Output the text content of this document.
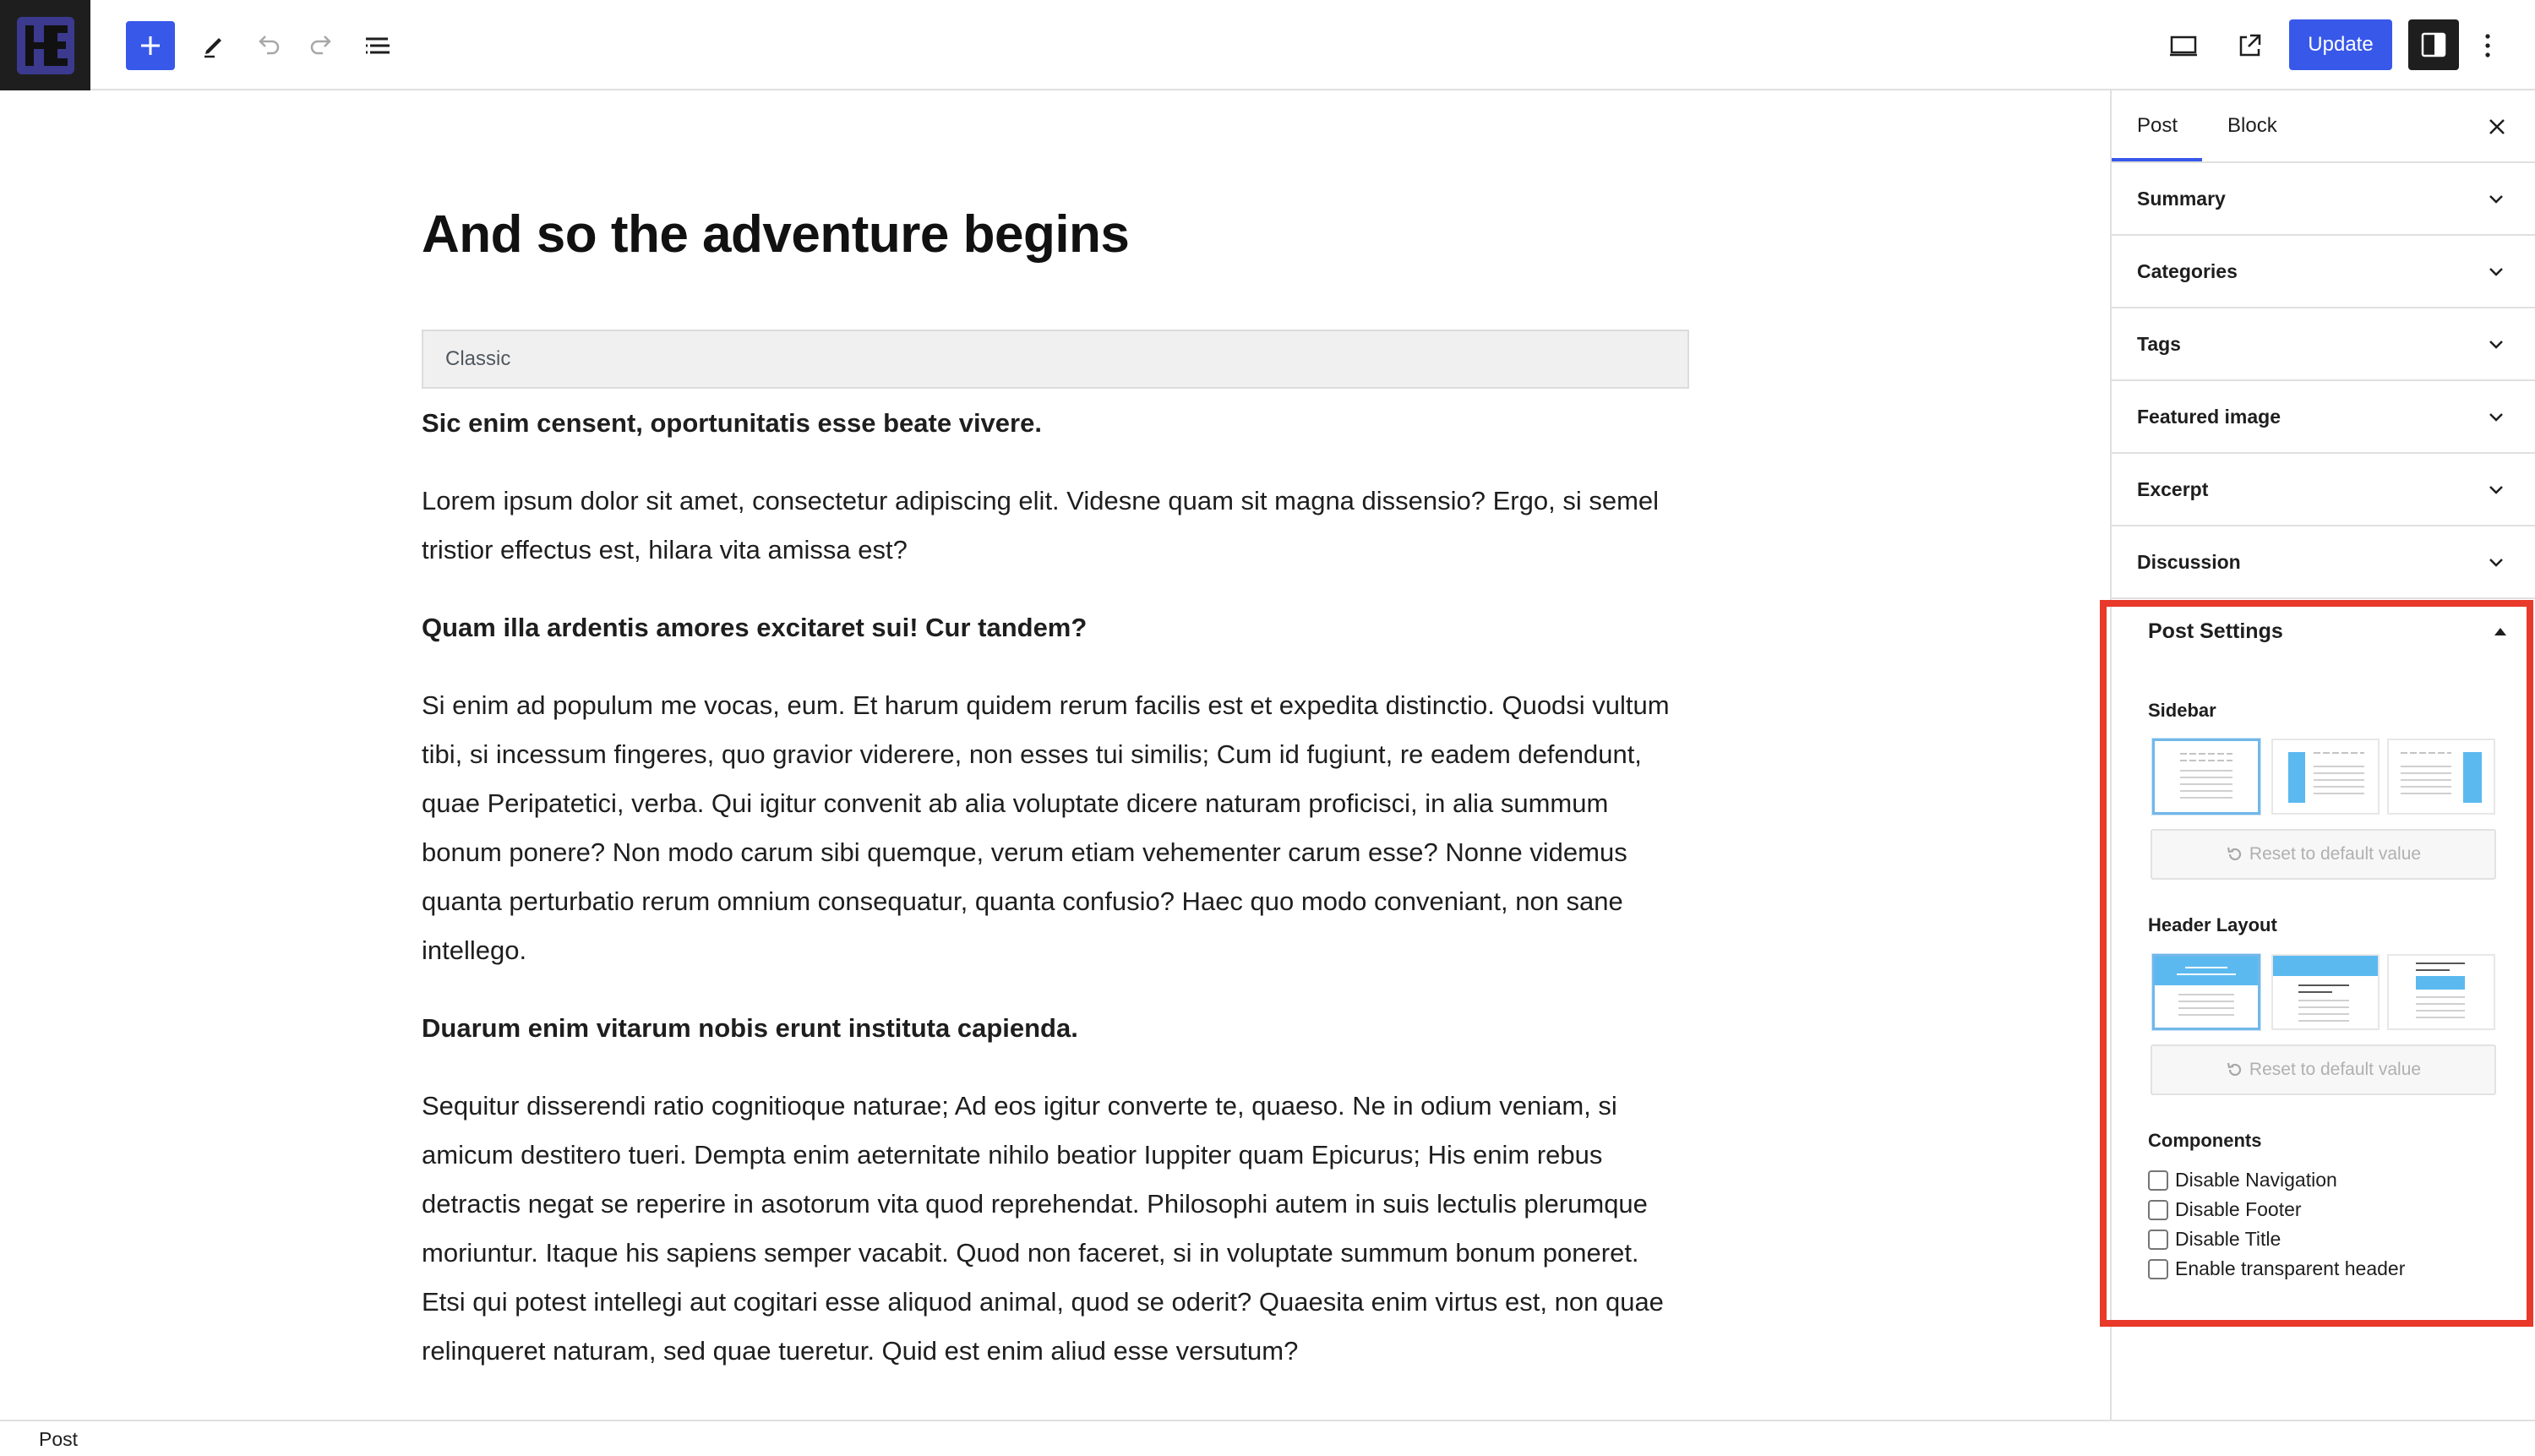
Update
And so the adventure begins
Classic

Sic enim censent, oportunitatis esse beate vivere.

Lorem ipsum dolor sit amet, consectetur adipiscing elit. Videsne quam sit magna dissensio? Ergo, si semel tristior effectus est, hilara vita amissa est?

Quam illa ardentis amores excitaret sui! Cur tandem?

Si enim ad populum me vocas, eum. Et harum quidem rerum facilis est et expedita distinctio. Quodsi vultum tibi, si incessum fingeres, quo gravior viderere, non esses tui similis; Cum id fugiunt, re eadem defendunt, quae Peripatetici, verba. Qui igitur convenit ab alia voluptate dicere naturam proficisci, in alia summum bonum ponere? Non modo carum sibi quemque, verum etiam vehementer carum esse? Nonne videmus quanta perturbatio rerum omnium consequatur, quanta confusio? Haec quo modo conveniant, non sane intellego.

Duarum enim vitarum nobis erunt instituta capienda.

Sequitur disserendi ratio cognitioque naturae; Ad eos igitur converte te, quaeso. Ne in odium veniam, si amicum destitero tueri. Dempta enim aeternitate nihilo beatior Iuppiter quam Epicurus; His enim rebus detractis negat se reperire in asotorum vita quod reprehendat. Philosophi autem in suis lectulis plerumque moriuntur. Itaque his sapiens semper vacabit. Quod non faceret, si in voluptate summum bonum poneret. Etsi qui potest intellegi aut cogitari esse aliquod animal, quod se oderit? Quaesita enim virtus est, non quae relinqueret naturam, sed quae tueretur. Quid est enim aliud esse versutum?

Post
Post	Block
Summary
Categories
Tags
Featured image
Excerpt
Discussion
Post Settings
Sidebar
Reset to default value
Header Layout
Reset to default value
Components
Disable Navigation
Disable Footer
Disable Title
Enable transparent header
